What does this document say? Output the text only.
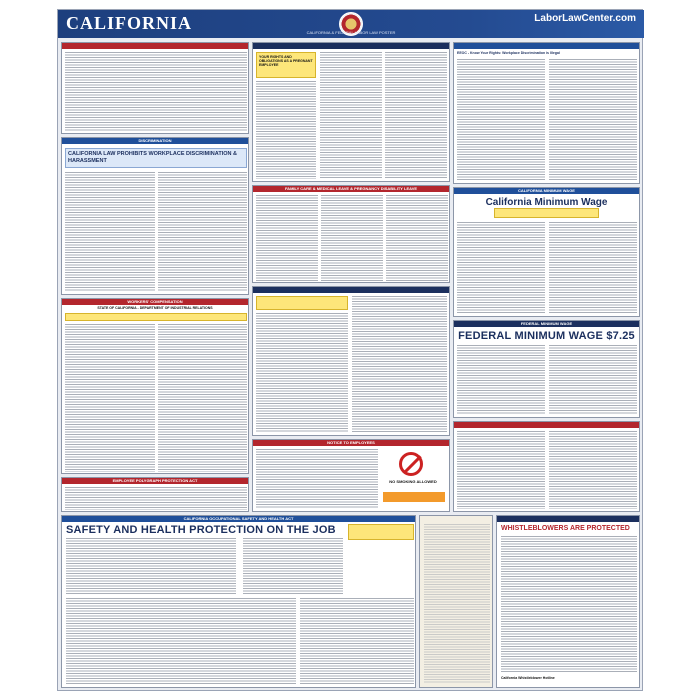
CALIFORNIA	CALIFORNIA & FEDERAL LABOR LAW POSTER
LaborLawCenter.com
DISCRIMINATION
CALIFORNIA LAW PROHIBITS WORKPLACE DISCRIMINATION & HARASSMENT
WORKERS' COMPENSATION
STATE OF CALIFORNIA - DEPARTMENT OF INDUSTRIAL RELATIONS
EMPLOYEE POLYGRAPH PROTECTION ACT
YOUR RIGHTS AND OBLIGATIONS AS A PREGNANT EMPLOYEE
FAMILY CARE & MEDICAL LEAVE & PREGNANCY DISABILITY LEAVE
NOTICE TO EMPLOYEES
NO SMOKING ALLOWED
EEOC - Know Your Rights: Workplace Discrimination is Illegal
CALIFORNIA MINIMUM WAGE
California Minimum Wage
FEDERAL MINIMUM WAGE
FEDERAL MINIMUM WAGE $7.25
CALIFORNIA OCCUPATIONAL SAFETY AND HEALTH ACT
SAFETY AND HEALTH PROTECTION ON THE JOB	WHISTLEBLOWERS ARE PROTECTED
California Whistleblower Hotline
